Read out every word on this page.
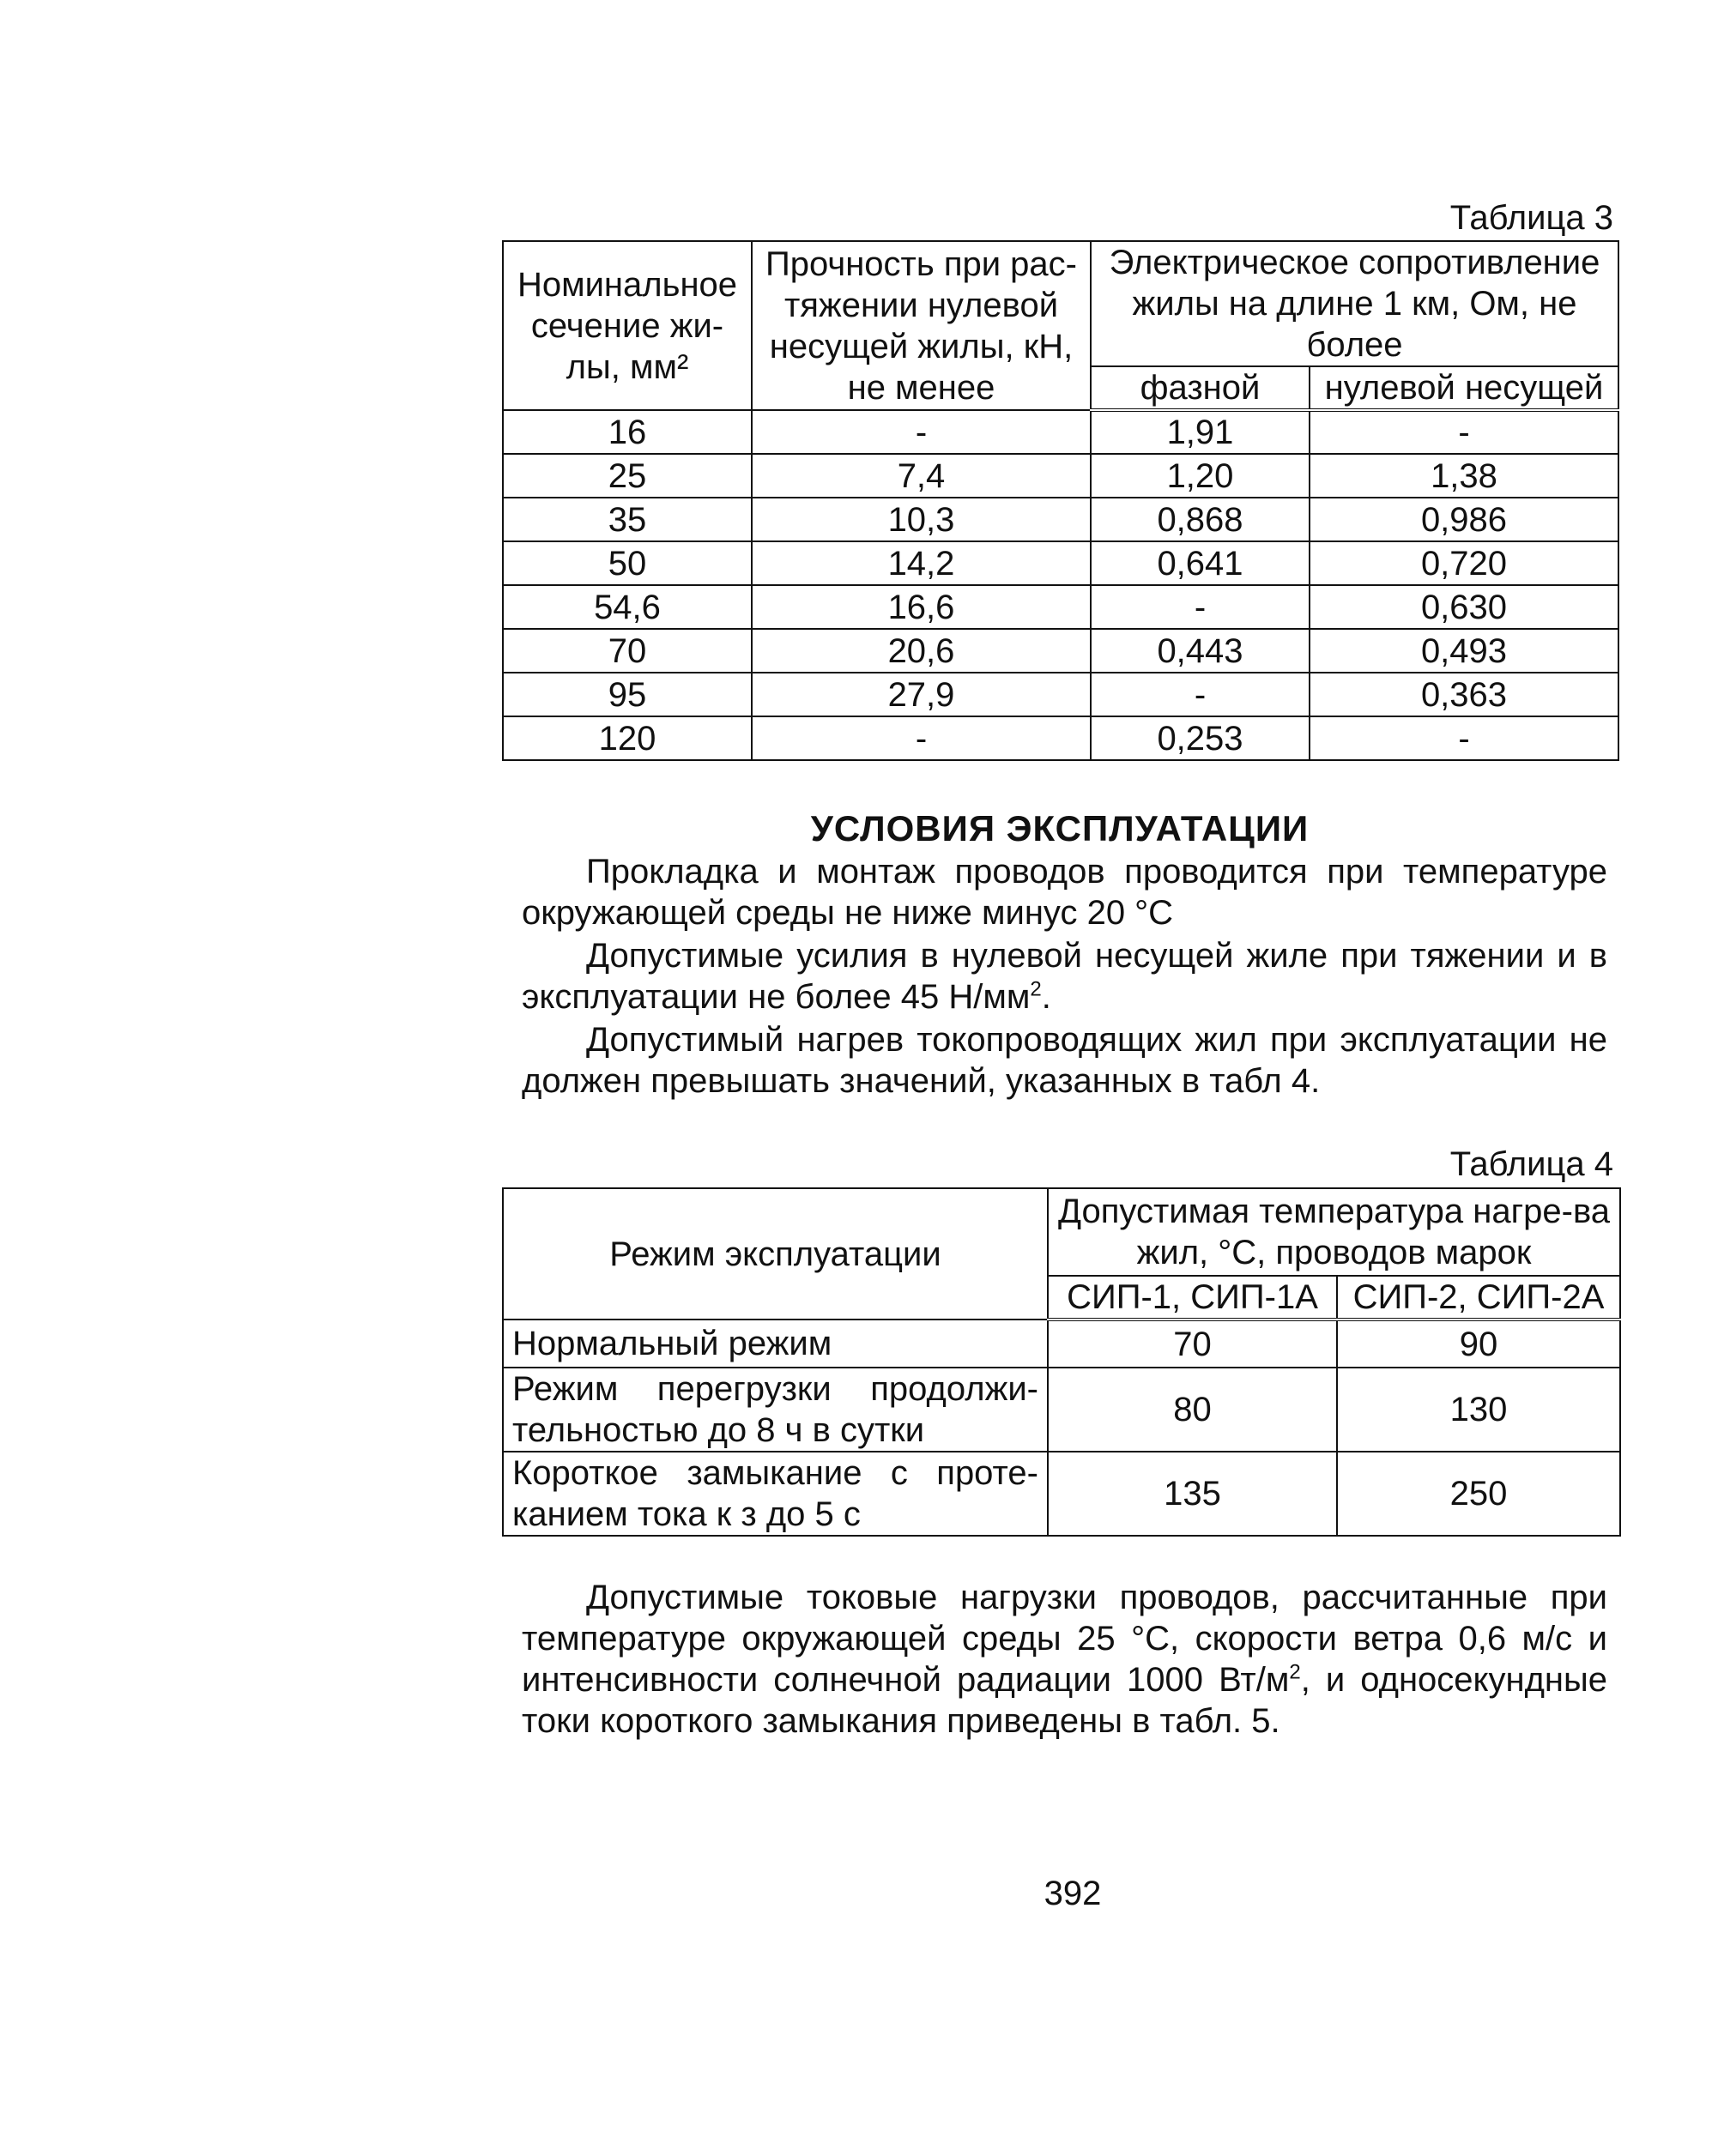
Таблица 3
Номинальное сечение жи-лы, мм²	Прочность при рас-тяжении нулевой несущей жилы, кН, не менее	Электрическое сопротивление жилы на длине 1 км, Ом, не более	
		фазной	нулевой несущей
16	-	1,91	-
25	7,4	1,20	1,38
35	10,3	0,868	0,986
50	14,2	0,641	0,720
54,6	16,6	-	0,630
70	20,6	0,443	0,493
95	27,9	-	0,363
120	-	0,253	-
УСЛОВИЯ ЭКСПЛУАТАЦИИ
Прокладка и монтаж проводов проводится при температуре окружающей среды не ниже минус 20 °С
Допустимые усилия в нулевой несущей жиле при тяжении и в эксплуатации не более 45 $Н/мм^2$.
Допустимый нагрев токопроводящих жил при эксплуатации не должен превышать значений, указанных в табл 4.
Таблица 4
Режим эксплуатации	Допустимая температура нагре-ва жил, °С, проводов марок	
	СИП-1, СИП-1А	СИП-2, СИП-2А
Нормальный режим	70	90
Режим перегрузки продолжи-тельностью до 8 ч в сутки	80	130
Короткое замыкание с проте-канием тока к з до 5 с	135	250
Допустимые токовые нагрузки проводов, рассчитанные при температуре окружающей среды 25 °С, скорости ветра 0,6 м/с и интенсивности солнечной радиации 1000 $Вт/м^2$, и односекундные токи короткого замыкания приведены в табл. 5.
392
